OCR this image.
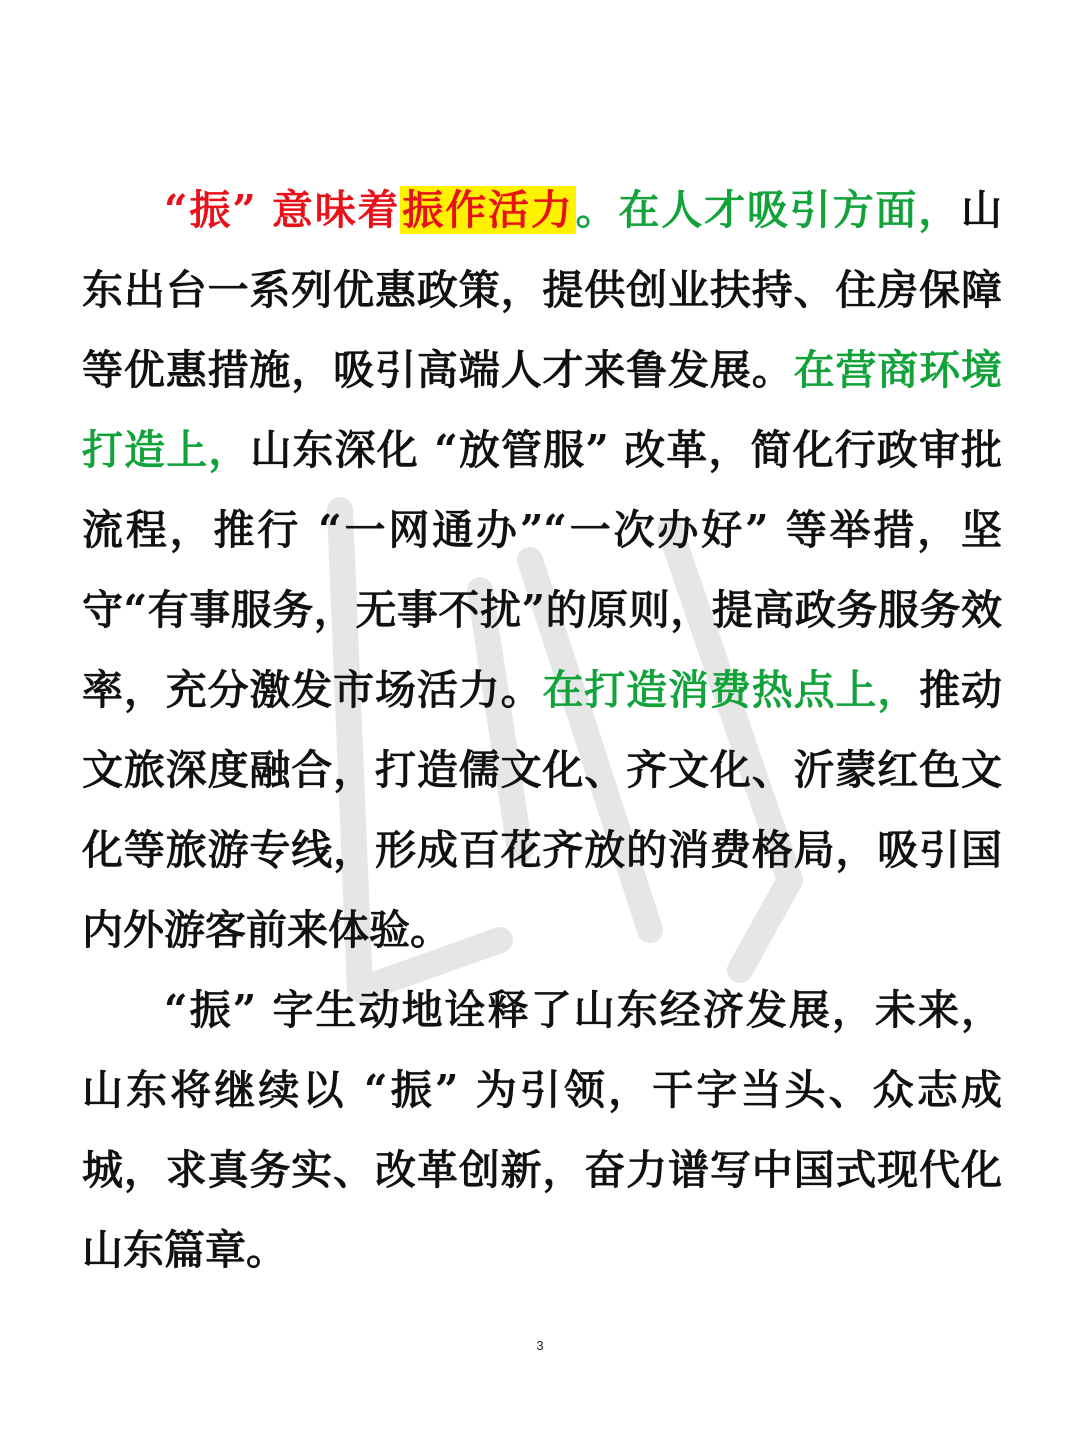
“振” 意味着振作活力。在人才吸引方面，山东出台一系列优惠政策，提供创业扶持、住房保障等优惠措施，吸引高端人才来鲁发展。在营商环境打造上，山东深化 “放管服” 改革，简化行政审批流程，推行 “一网通办”“一次办好” 等举措，坚守“有事服务，无事不扰”的原则，提高政务服务效率，充分激发市场活力。在打造消费热点上，推动文旅深度融合，打造儒文化、齐文化、沂蒙红色文化等旅游专线，形成百花齐放的消费格局，吸引国内外游客前来体验。

“振” 字生动地诠释了山东经济发展，未来，山东将继续以 “振” 为引领，干字当头、众志成城，求真务实、改革创新，奋力谱写中国式现代化山东篇章。

3
